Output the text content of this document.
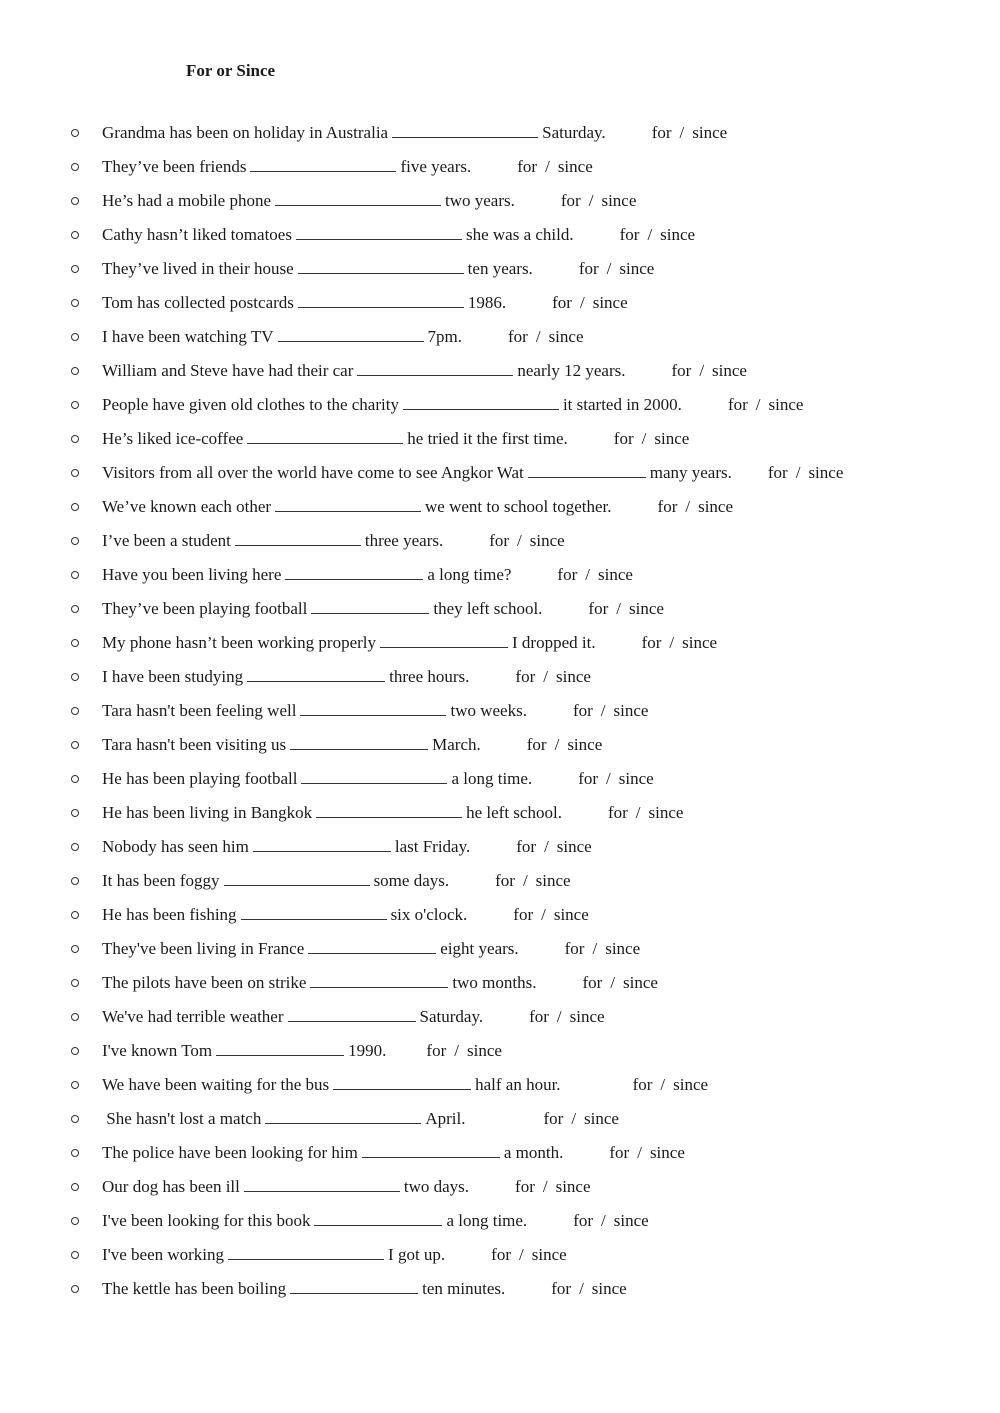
For or Since
Grandma has been on holiday in Australia	Saturday.	for / since
They’ve been friends	five years.	for / since
He’s had a mobile phone	two years.	for / since
Cathy hasn’t liked tomatoes	she was a child.	for / since
They’ve lived in their house	ten years.	for / since
Tom has collected postcards	1986.	for / since
I have been watching TV	7pm.	for / since
William and Steve have had their car	nearly 12 years.	for / since
People have given old clothes to the charity	it started in 2000.	for / since
He’s liked ice-coffee	he tried it the first time.	for / since
Visitors from all over the world have come to see Angkor Wat	many years. for / since
We’ve known each other	we went to school together.	for / since
I’ve been a student	three years.	for / since
Have you been living here	a long time?	for / since
They’ve been playing football	they left school.	for / since
My phone hasn’t been working properly	I dropped it.	for / since
I have been studying	three hours.	for / since
Tara hasn't been feeling well	two weeks.	for / since
Tara hasn't been visiting us	March.	for / since
He has been playing football	a long time.	for / since
He has been living in Bangkok	he left school.	for / since
Nobody has seen him	last Friday.	for / since
It has been foggy	some days.	for / since
He has been fishing	six o'clock.	for / since
They've been living in France	eight years.	for / since
The pilots have been on strike	two months.	for / since
We've had terrible weather	Saturday.	for / since
I've known Tom	1990. for / since
We have been waiting for the bus	half an hour.	for / since
She hasn't lost a match	April.	for / since
The police have been looking for him	a month.	for / since
Our dog has been ill	two days.	for / since
I've been looking for this book	a long time.	for / since
I've been working	I got up.	for / since
The kettle has been boiling	ten minutes.	for / since
